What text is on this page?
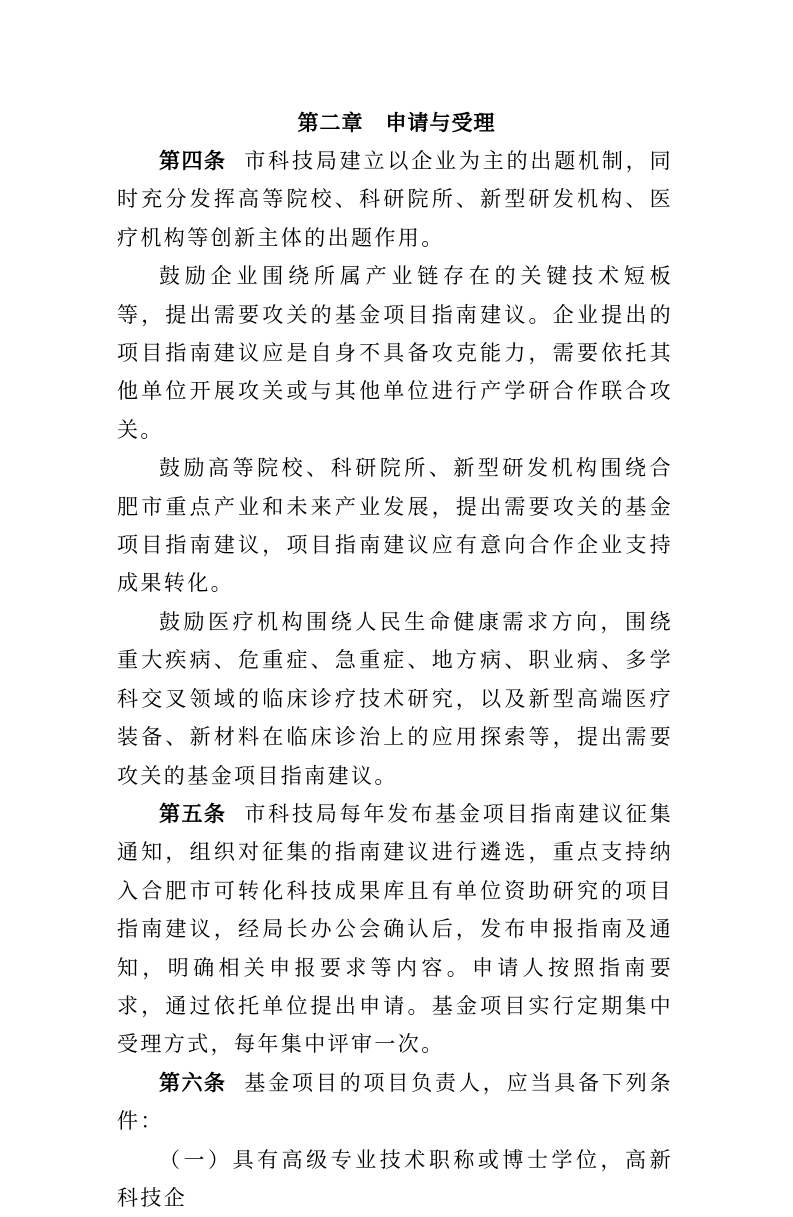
第二章 申请与受理

第四条 市科技局建立以企业为主的出题机制，同时充分发挥高等院校、科研院所、新型研发机构、医疗机构等创新主体的出题作用。

鼓励企业围绕所属产业链存在的关键技术短板等，提出需要攻关的基金项目指南建议。企业提出的项目指南建议应是自身不具备攻克能力，需要依托其他单位开展攻关或与其他单位进行产学研合作联合攻关。

鼓励高等院校、科研院所、新型研发机构围绕合肥市重点产业和未来产业发展，提出需要攻关的基金项目指南建议，项目指南建议应有意向合作企业支持成果转化。

鼓励医疗机构围绕人民生命健康需求方向，围绕重大疾病、危重症、急重症、地方病、职业病、多学科交叉领域的临床诊疗技术研究，以及新型高端医疗装备、新材料在临床诊治上的应用探索等，提出需要攻关的基金项目指南建议。

第五条 市科技局每年发布基金项目指南建议征集通知，组织对征集的指南建议进行遴选，重点支持纳入合肥市可转化科技成果库且有单位资助研究的项目指南建议，经局长办公会确认后，发布申报指南及通知，明确相关申报要求等内容。申请人按照指南要求，通过依托单位提出申请。基金项目实行定期集中受理方式，每年集中评审一次。

第六条 基金项目的项目负责人，应当具备下列条件：

（一）具有高级专业技术职称或博士学位，高新科技企
